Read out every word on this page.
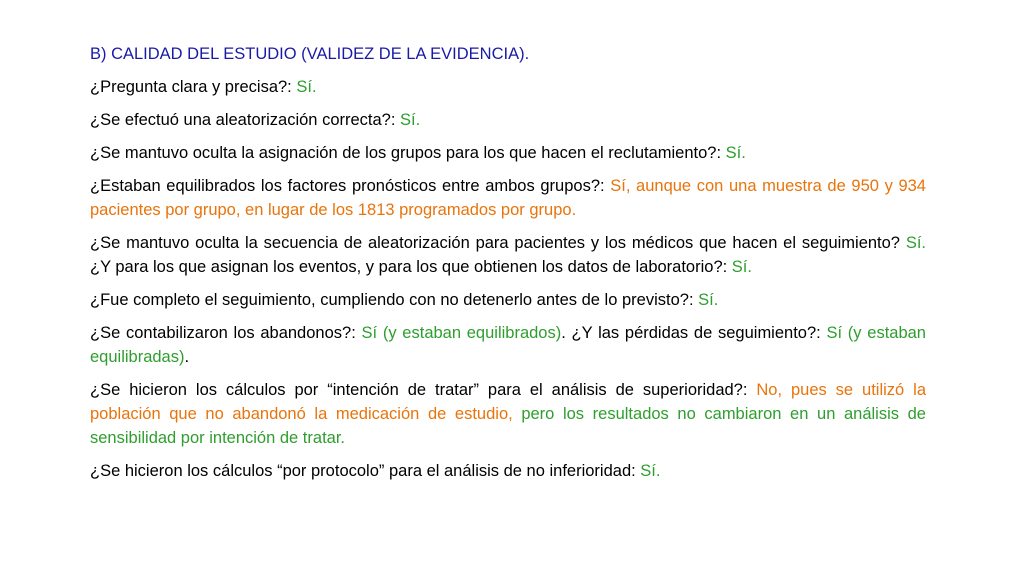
B) CALIDAD DEL ESTUDIO (VALIDEZ DE LA EVIDENCIA).
¿Pregunta clara y precisa?: Sí.
¿Se efectuó una aleatorización correcta?: Sí.
¿Se mantuvo oculta la asignación de los grupos para los que hacen el reclutamiento?: Sí.
¿Estaban equilibrados los factores pronósticos entre ambos grupos?: Sí, aunque con una muestra de 950 y 934 pacientes por grupo, en lugar de los 1813 programados por grupo.
¿Se mantuvo oculta la secuencia de aleatorización para pacientes y los médicos que hacen el seguimiento? Sí. ¿Y para los que asignan los eventos, y para los que obtienen los datos de laboratorio?: Sí.
¿Fue completo el seguimiento, cumpliendo con no detenerlo antes de lo previsto?: Sí.
¿Se contabilizaron los abandonos?: Sí (y estaban equilibrados). ¿Y las pérdidas de seguimiento?: Sí (y estaban equilibradas).
¿Se hicieron los cálculos por “intención de tratar” para el análisis de superioridad?: No, pues se utilizó la población que no abandonó la medicación de estudio, pero los resultados no cambiaron en un análisis de sensibilidad por intención de tratar.
¿Se hicieron los cálculos “por protocolo” para el análisis de no inferioridad: Sí.
